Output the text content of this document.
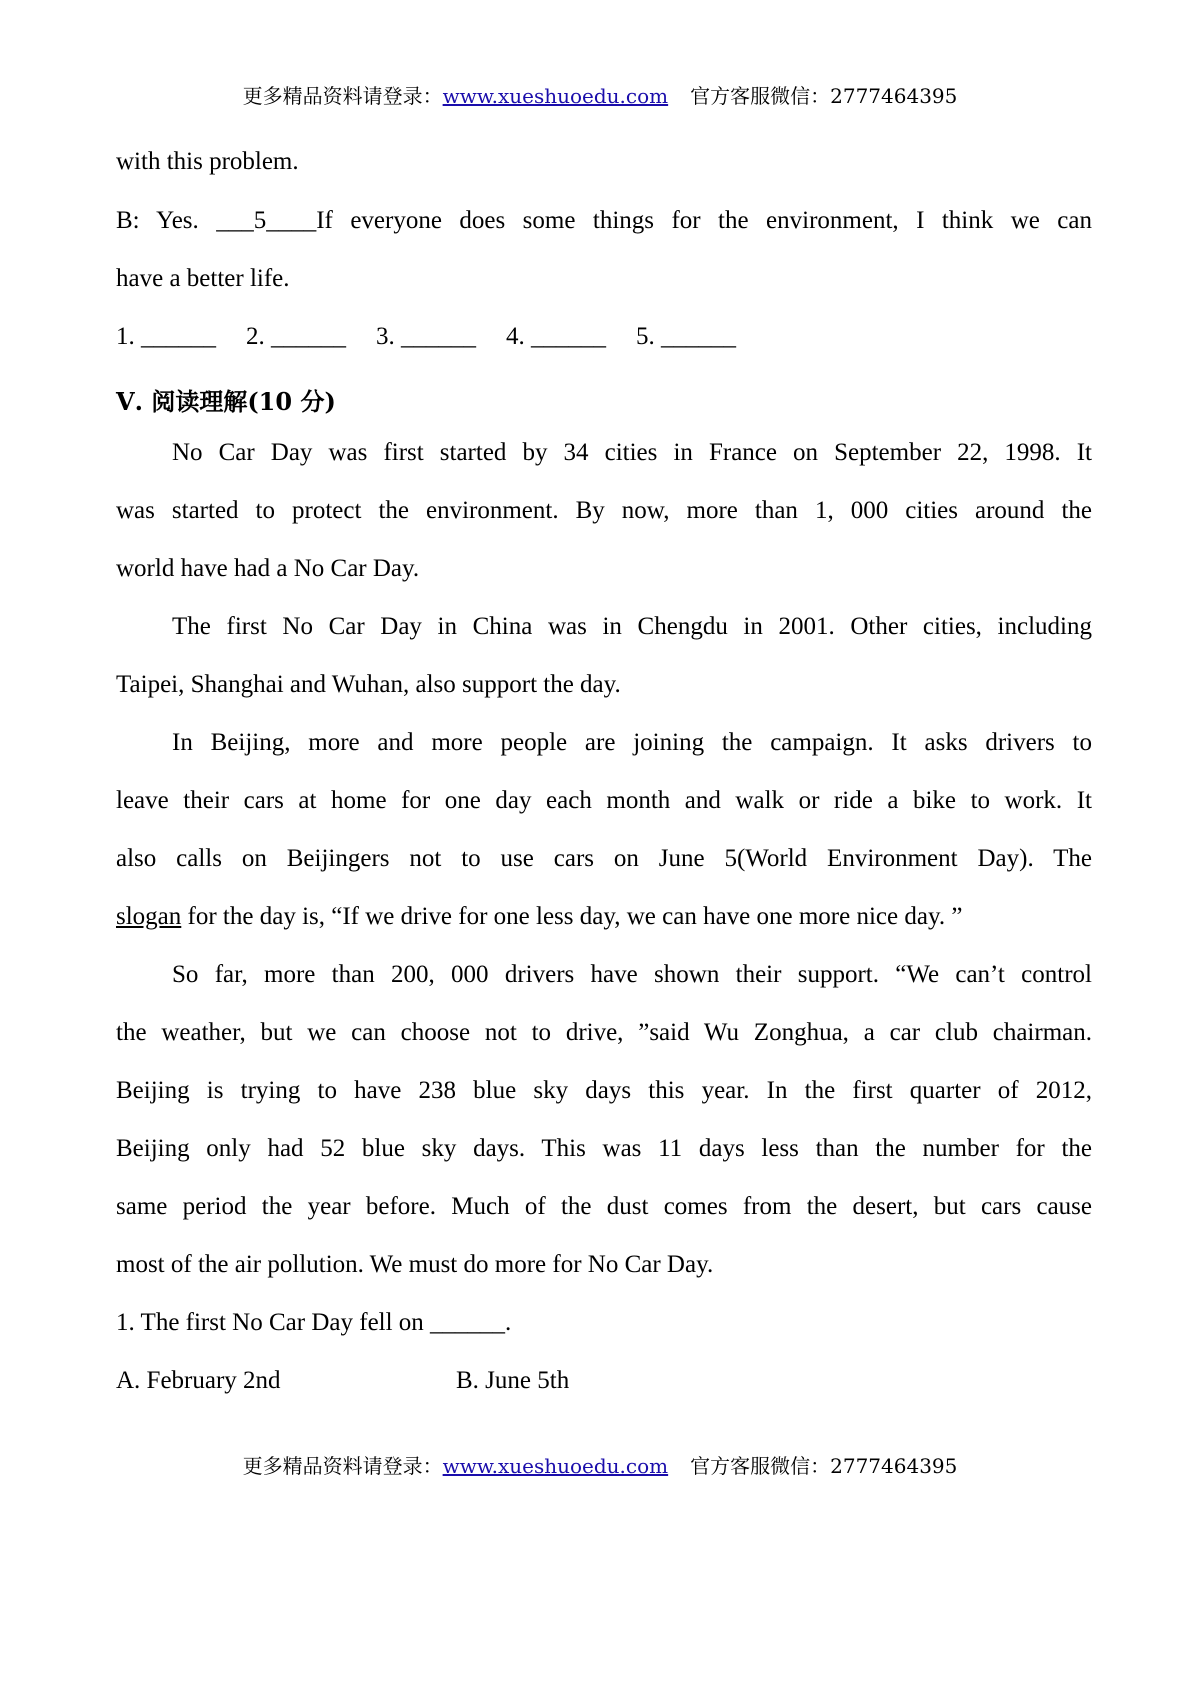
更多精品资料请登录：www.xueshuoedu.com 官方客服微信：2777464395
with this problem.
B: Yes. ___5____If everyone does some things for the environment, I think we can
have a better life.
1. ______ 2. ______ 3. ______ 4. ______ 5. ______
Ⅴ. 阅读理解(10 分)
No Car Day was first started by 34 cities in France on September 22, 1998. It
was started to protect the environment. By now, more than 1, 000 cities around the
world have had a No Car Day.
The first No Car Day in China was in Chengdu in 2001. Other cities, including
Taipei, Shanghai and Wuhan, also support the day.
In Beijing, more and more people are joining the campaign. It asks drivers to
leave their cars at home for one day each month and walk or ride a bike to work. It
also calls on Beijingers not to use cars on June 5(World Environment Day). The
slogan for the day is, “If we drive for one less day, we can have one more nice day. ”
So far, more than 200, 000 drivers have shown their support. “We can’t control
the weather, but we can choose not to drive, ”said Wu Zonghua, a car club chairman.
Beijing is trying to have 238 blue sky days this year. In the first quarter of 2012,
Beijing only had 52 blue sky days. This was 11 days less than the number for the
same period the year before. Much of the dust comes from the desert, but cars cause
most of the air pollution. We must do more for No Car Day.
1. The first No Car Day fell on ______.
A. February 2nd	B. June 5th
更多精品资料请登录：www.xueshuoedu.com 官方客服微信：2777464395
